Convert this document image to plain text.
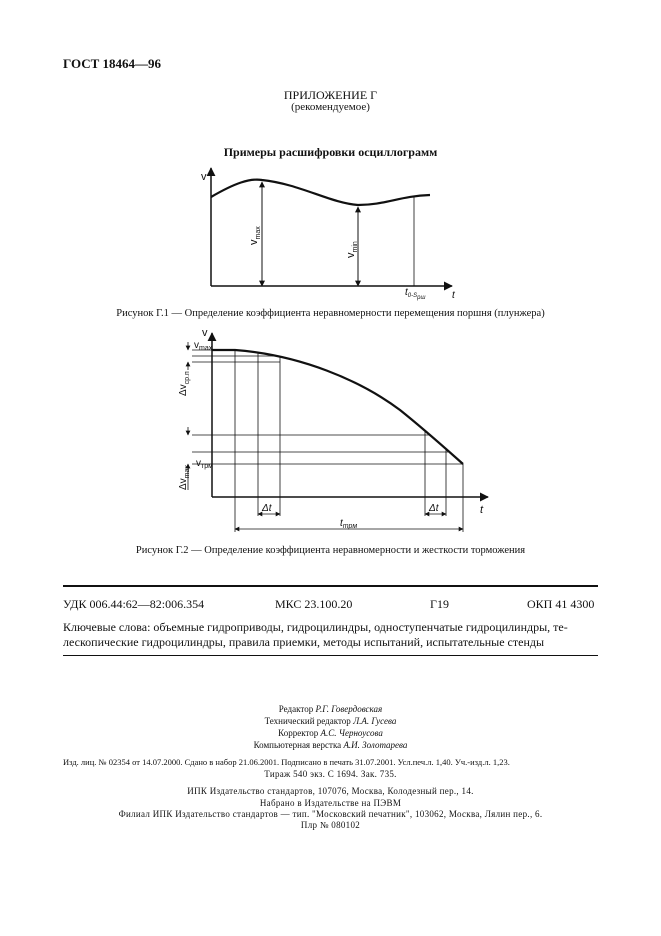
ГОСТ 18464—96
ПРИЛОЖЕНИЕ Г
(рекомендуемое)
Примеры расшифровки осциллограмм
v
t
$v_{max}$
$v_{min}$
$t_{0-Sрш}$
Рисунок Г.1 — Определение коэффициента неравномерности перемещения поршня (плунжера)
v
t
$v_{max}$
$\Delta v_{ср.п}$
$\Delta v_{max}$
$v_{трм}$
Δt	Δt
$t_{трм}$
Рисунок Г.2 — Определение коэффициента неравномерности и жесткости торможения
УДК 006.44:62—82:006.354	МКС 23.100.20	Г19	ОКП 41 4300
Ключевые слова: объемные гидроприводы, гидроцилиндры, одноступенчатые гидроцилиндры, те-
лескопические гидроцилиндры, правила приемки, методы испытаний, испытательные стенды
Редактор Р.Г. Говердовская
Технический редактор Л.А. Гусева
Корректор А.С. Черноусова
Компьютерная верстка А.И. Золотарева
Изд. лиц. № 02354 от 14.07.2000. Сдано в набор 21.06.2001. Подписано в печать 31.07.2001. Усл.печ.л. 1,40. Уч.-изд.л. 1,23.
Тираж 540 экз. С 1694. Зак. 735.
ИПК Издательство стандартов, 107076, Москва, Колодезный пер., 14.
Набрано в Издательстве на ПЭВМ
Филиал ИПК Издательство стандартов — тип. "Московский печатник", 103062, Москва, Лялин пер., 6.
Плр № 080102
